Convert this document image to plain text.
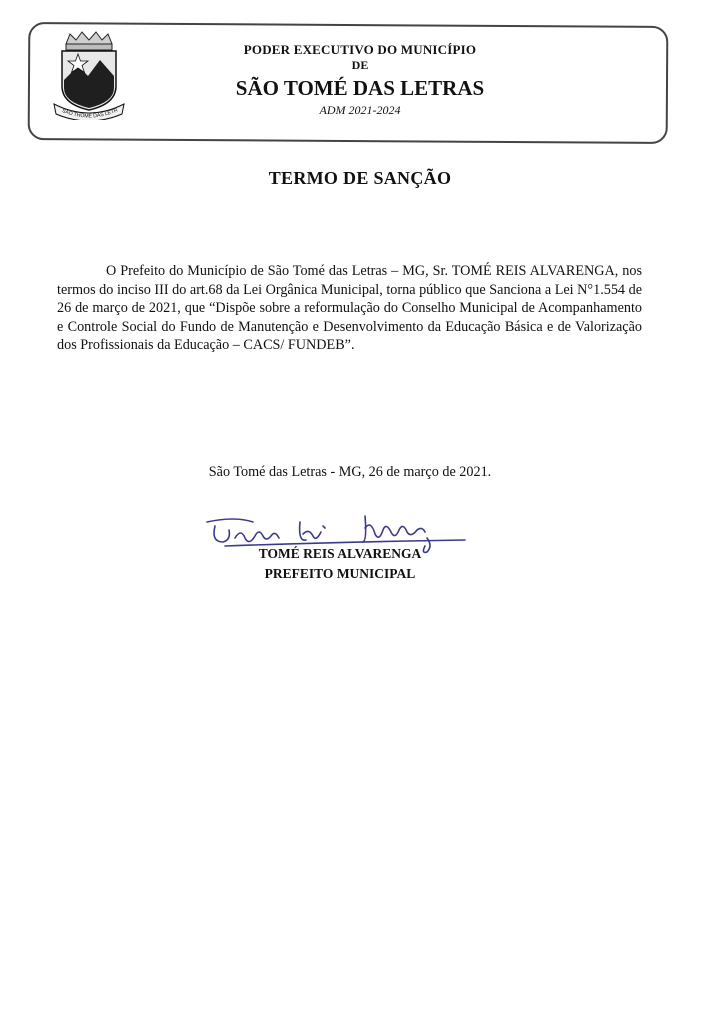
SÃO THOMÉ DAS LETR
PODER EXECUTIVO DO MUNICÍPIO
DE
SÃO TOMÉ DAS LETRAS
ADM 2021-2024
TERMO DE SANÇÃO

O Prefeito do Município de São Tomé das Letras – MG, Sr. TOMÉ REIS ALVARENGA, nos termos do inciso III do art.68 da Lei Orgânica Municipal, torna público que Sanciona a Lei N°1.554 de 26 de março de 2021, que “Dispõe sobre a reformulação do Conselho Municipal de Acompanhamento e Controle Social do Fundo de Manutenção e Desenvolvimento da Educação Básica e de Valorização dos Profissionais da Educação – CACS/ FUNDEB”.

São Tomé das Letras - MG, 26 de março de 2021.
TOMÉ REIS ALVARENGA
PREFEITO MUNICIPAL
